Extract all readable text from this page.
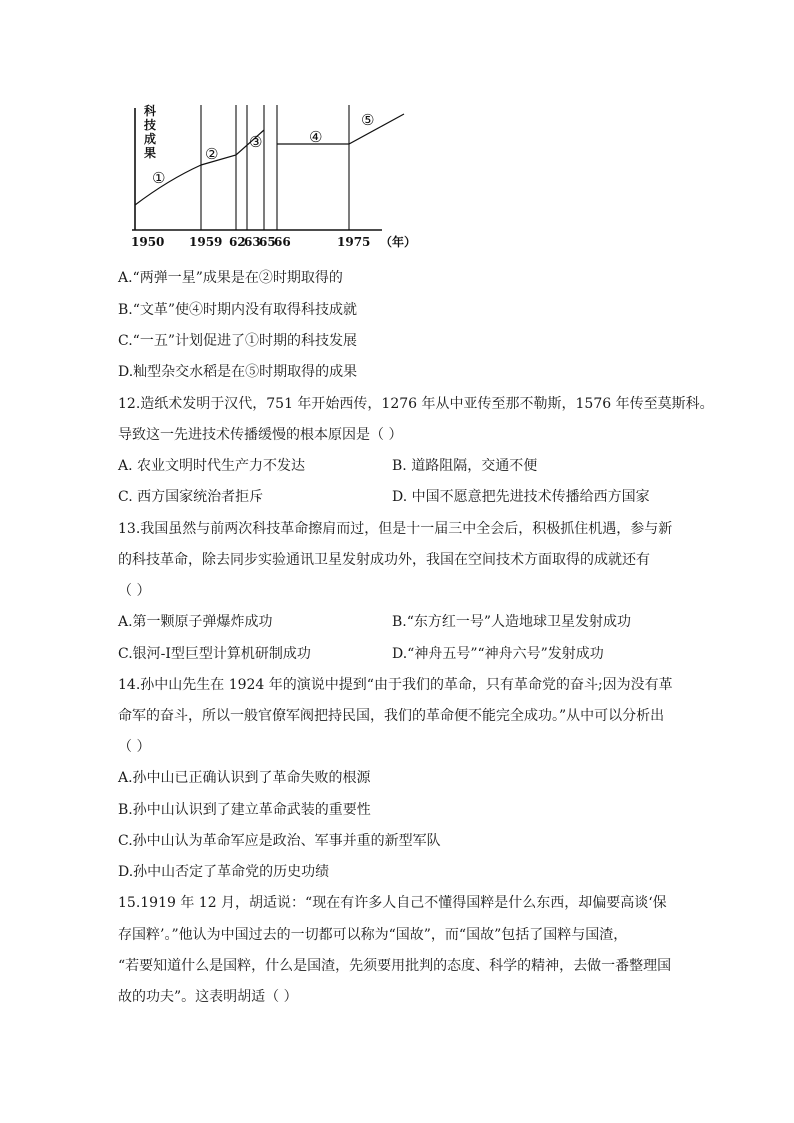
科
技
成
果
①
②
③	④
⑤
1950 1959 62
63
65
66	1975 （年）
A.“两弹一星”成果是在②时期取得的
B.“文革”使④时期内没有取得科技成就
C.“一五”计划促进了①时期的科技发展
D.籼型杂交水稻是在⑤时期取得的成果
12.造纸术发明于汉代，751 年开始西传，1276 年从中亚传至那不勒斯，1576 年传至莫斯科。
导致这一先进技术传播缓慢的根本原因是（ ）
A. 农业文明时代生产力不发达	B. 道路阻隔，交通不便
C. 西方国家统治者拒斥	D. 中国不愿意把先进技术传播给西方国家
13.我国虽然与前两次科技革命擦肩而过，但是十一届三中全会后，积极抓住机遇，参与新
的科技革命，除去同步实验通讯卫星发射成功外，我国在空间技术方面取得的成就还有
（ ）
A.第一颗原子弹爆炸成功	B.“东方红一号”人造地球卫星发射成功
C.银河-Ⅰ型巨型计算机研制成功	D.“神舟五号”“神舟六号”发射成功
14.孙中山先生在 1924 年的演说中提到“由于我们的革命，只有革命党的奋斗;因为没有革
命军的奋斗，所以一般官僚军阀把持民国，我们的革命便不能完全成功。”从中可以分析出
（ ）
A.孙中山已正确认识到了革命失败的根源
B.孙中山认识到了建立革命武装的重要性
C.孙中山认为革命军应是政治、军事并重的新型军队
D.孙中山否定了革命党的历史功绩
15.1919 年 12 月，胡适说：“现在有许多人自己不懂得国粹是什么东西，却偏要高谈‘保
存国粹’。”他认为中国过去的一切都可以称为“国故”，而“国故”包括了国粹与国渣，
“若要知道什么是国粹，什么是国渣，先须要用批判的态度、科学的精神，去做一番整理国
故的功夫”。这表明胡适（ ）
